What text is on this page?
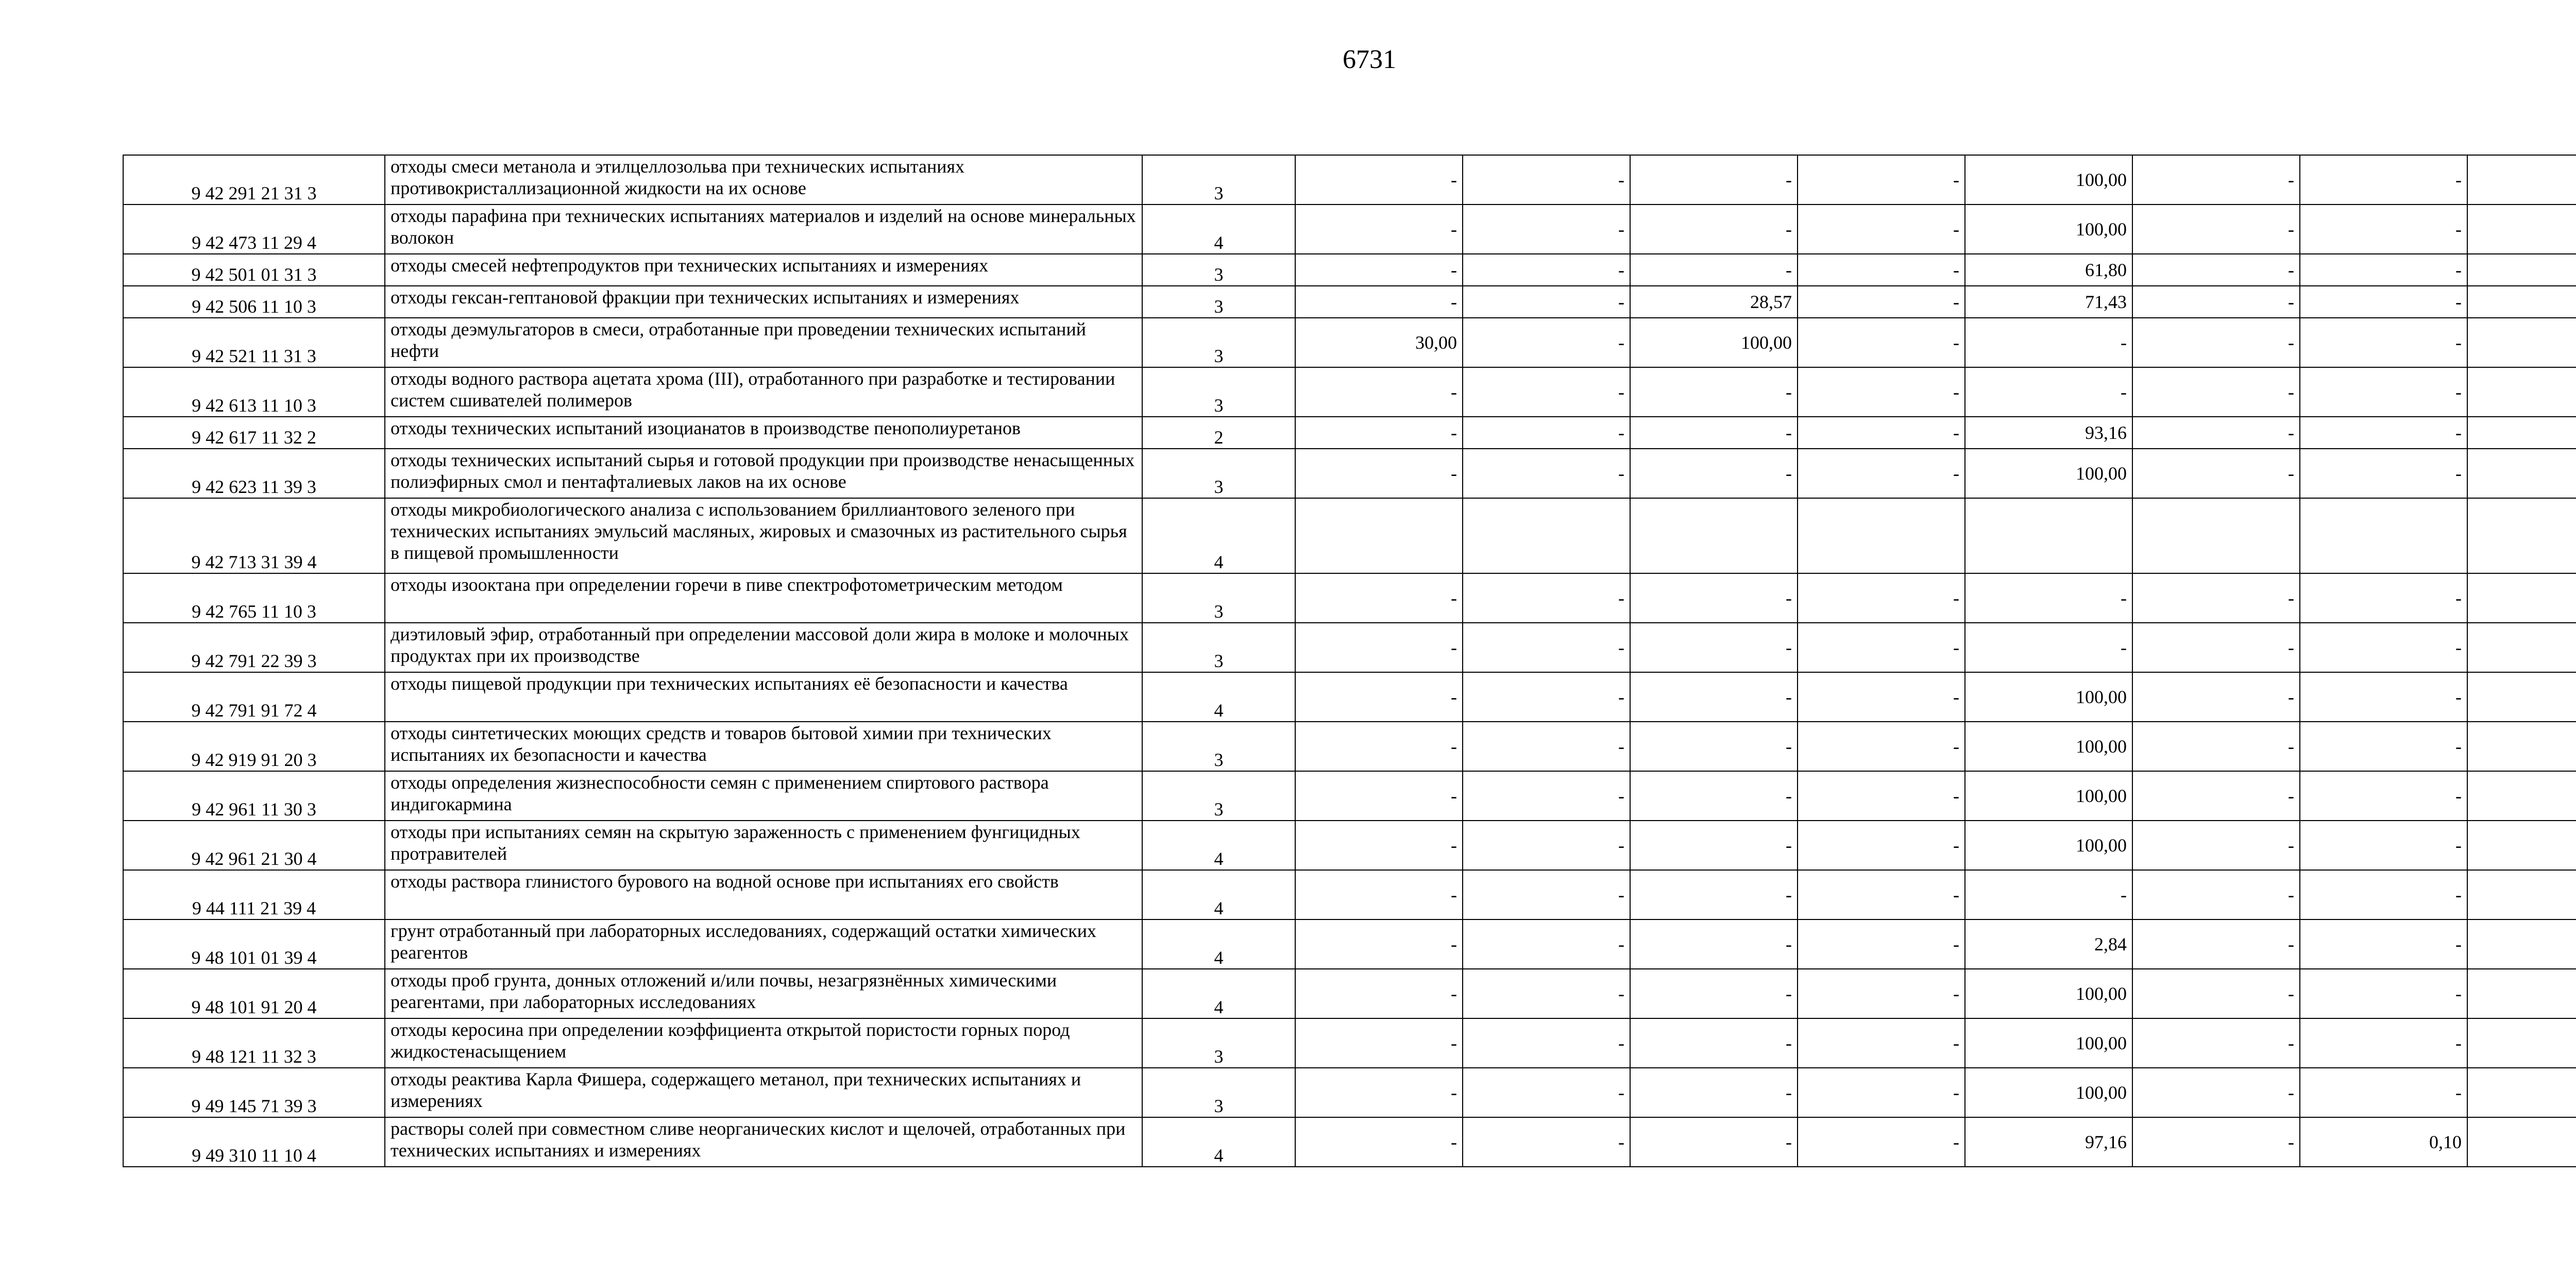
6731
9 42 291 21 31 3	отходы смеси метанола и этилцеллозольва при технических испытаниях противокристаллизационной жидкости на их основе	3	-	-	-	-	100,00	-	-	
9 42 473 11 29 4	отходы парафина при технических испытаниях материалов и изделий на основе минеральных волокон	4	-	-	-	-	100,00	-	-	
9 42 501 01 31 3	отходы смесей нефтепродуктов при технических испытаниях и измерениях	3	-	-	-	-	61,80	-	-	
9 42 506 11 10 3	отходы гексан-гептановой фракции при технических испытаниях и измерениях	3	-	-	28,57	-	71,43	-	-	
9 42 521 11 31 3	отходы деэмульгаторов в смеси, отработанные при проведении технических испытаний нефти	3	30,00	-	100,00	-	-	-	-	
9 42 613 11 10 3	отходы водного раствора ацетата хрома (III), отработанного при разработке и тестировании систем сшивателей полимеров	3	-	-	-	-	-	-	-	
9 42 617 11 32 2	отходы технических испытаний изоцианатов в производстве пенополиуретанов	2	-	-	-	-	93,16	-	-	
9 42 623 11 39 3	отходы технических испытаний сырья и готовой продукции при производстве ненасыщенных полиэфирных смол и пентафталиевых лаков на их основе	3	-	-	-	-	100,00	-	-	
9 42 713 31 39 4	отходы микробиологического анализа с использованием бриллиантового зеленого при технических испытаниях эмульсий масляных, жировых и смазочных из растительного сырья в пищевой промышленности	4								
9 42 765 11 10 3	отходы изооктана при определении горечи в пиве спектрофотометрическим методом	3	-	-	-	-	-	-	-	
9 42 791 22 39 3	диэтиловый эфир, отработанный при определении массовой доли жира в молоке и молочных продуктах при их производстве	3	-	-	-	-	-	-	-	
9 42 791 91 72 4	отходы пищевой продукции при технических испытаниях её безопасности и качества	4	-	-	-	-	100,00	-	-	
9 42 919 91 20 3	отходы синтетических моющих средств и товаров бытовой химии при технических испытаниях их безопасности и качества	3	-	-	-	-	100,00	-	-	
9 42 961 11 30 3	отходы определения жизнеспособности семян с применением спиртового раствора индигокармина	3	-	-	-	-	100,00	-	-	
9 42 961 21 30 4	отходы при испытаниях семян на скрытую зараженность с применением фунгицидных протравителей	4	-	-	-	-	100,00	-	-	
9 44 111 21 39 4	отходы раствора глинистого бурового на водной основе при испытаниях его свойств	4	-	-	-	-	-	-	-	
9 48 101 01 39 4	грунт отработанный при лабораторных исследованиях, содержащий остатки химических реагентов	4	-	-	-	-	2,84	-	-	
9 48 101 91 20 4	отходы проб грунта, донных отложений и/или почвы, незагрязнённых химическими реагентами, при лабораторных исследованиях	4	-	-	-	-	100,00	-	-	
9 48 121 11 32 3	отходы керосина при определении коэффициента открытой пористости горных пород жидкостенасыщением	3	-	-	-	-	100,00	-	-	
9 49 145 71 39 3	отходы реактива Карла Фишера, содержащего метанол, при технических испытаниях и измерениях	3	-	-	-	-	100,00	-	-	
9 49 310 11 10 4	растворы солей при совместном сливе неорганических кислот и щелочей, отработанных при технических испытаниях и измерениях	4	-	-	-	-	97,16	-	0,10	
